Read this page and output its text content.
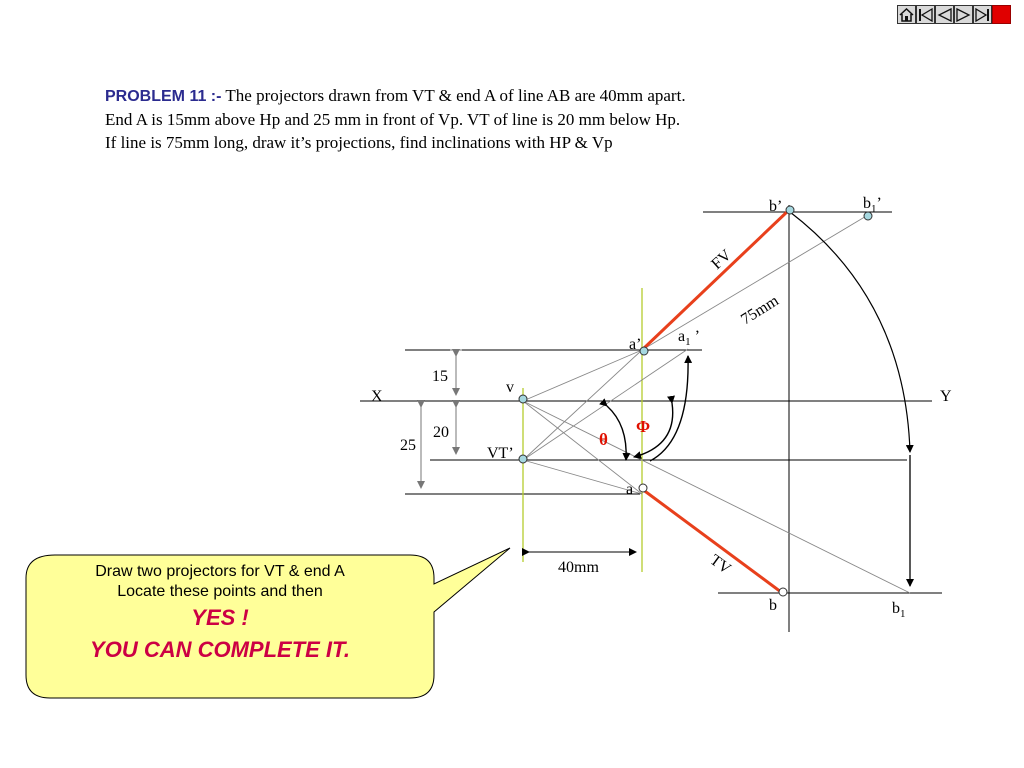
PROBLEM 11 :- The projectors drawn from VT & end A of line AB are 40mm apart.
End A is 15mm above Hp and 25 mm in front of Vp. VT of line is 20 mm below Hp.
If line is 75mm long, draw it’s projections, find inclinations with HP & Vp
15
20
25
40mm
X	Y
v
VT’
a’ $a_1$ ’
b’	$b_1$’
a
b	$b_1$
FV
TV
75mm
θ
Φ
Draw two projectors for VT & end A
Locate these points and then
YES !
YOU CAN COMPLETE IT.
